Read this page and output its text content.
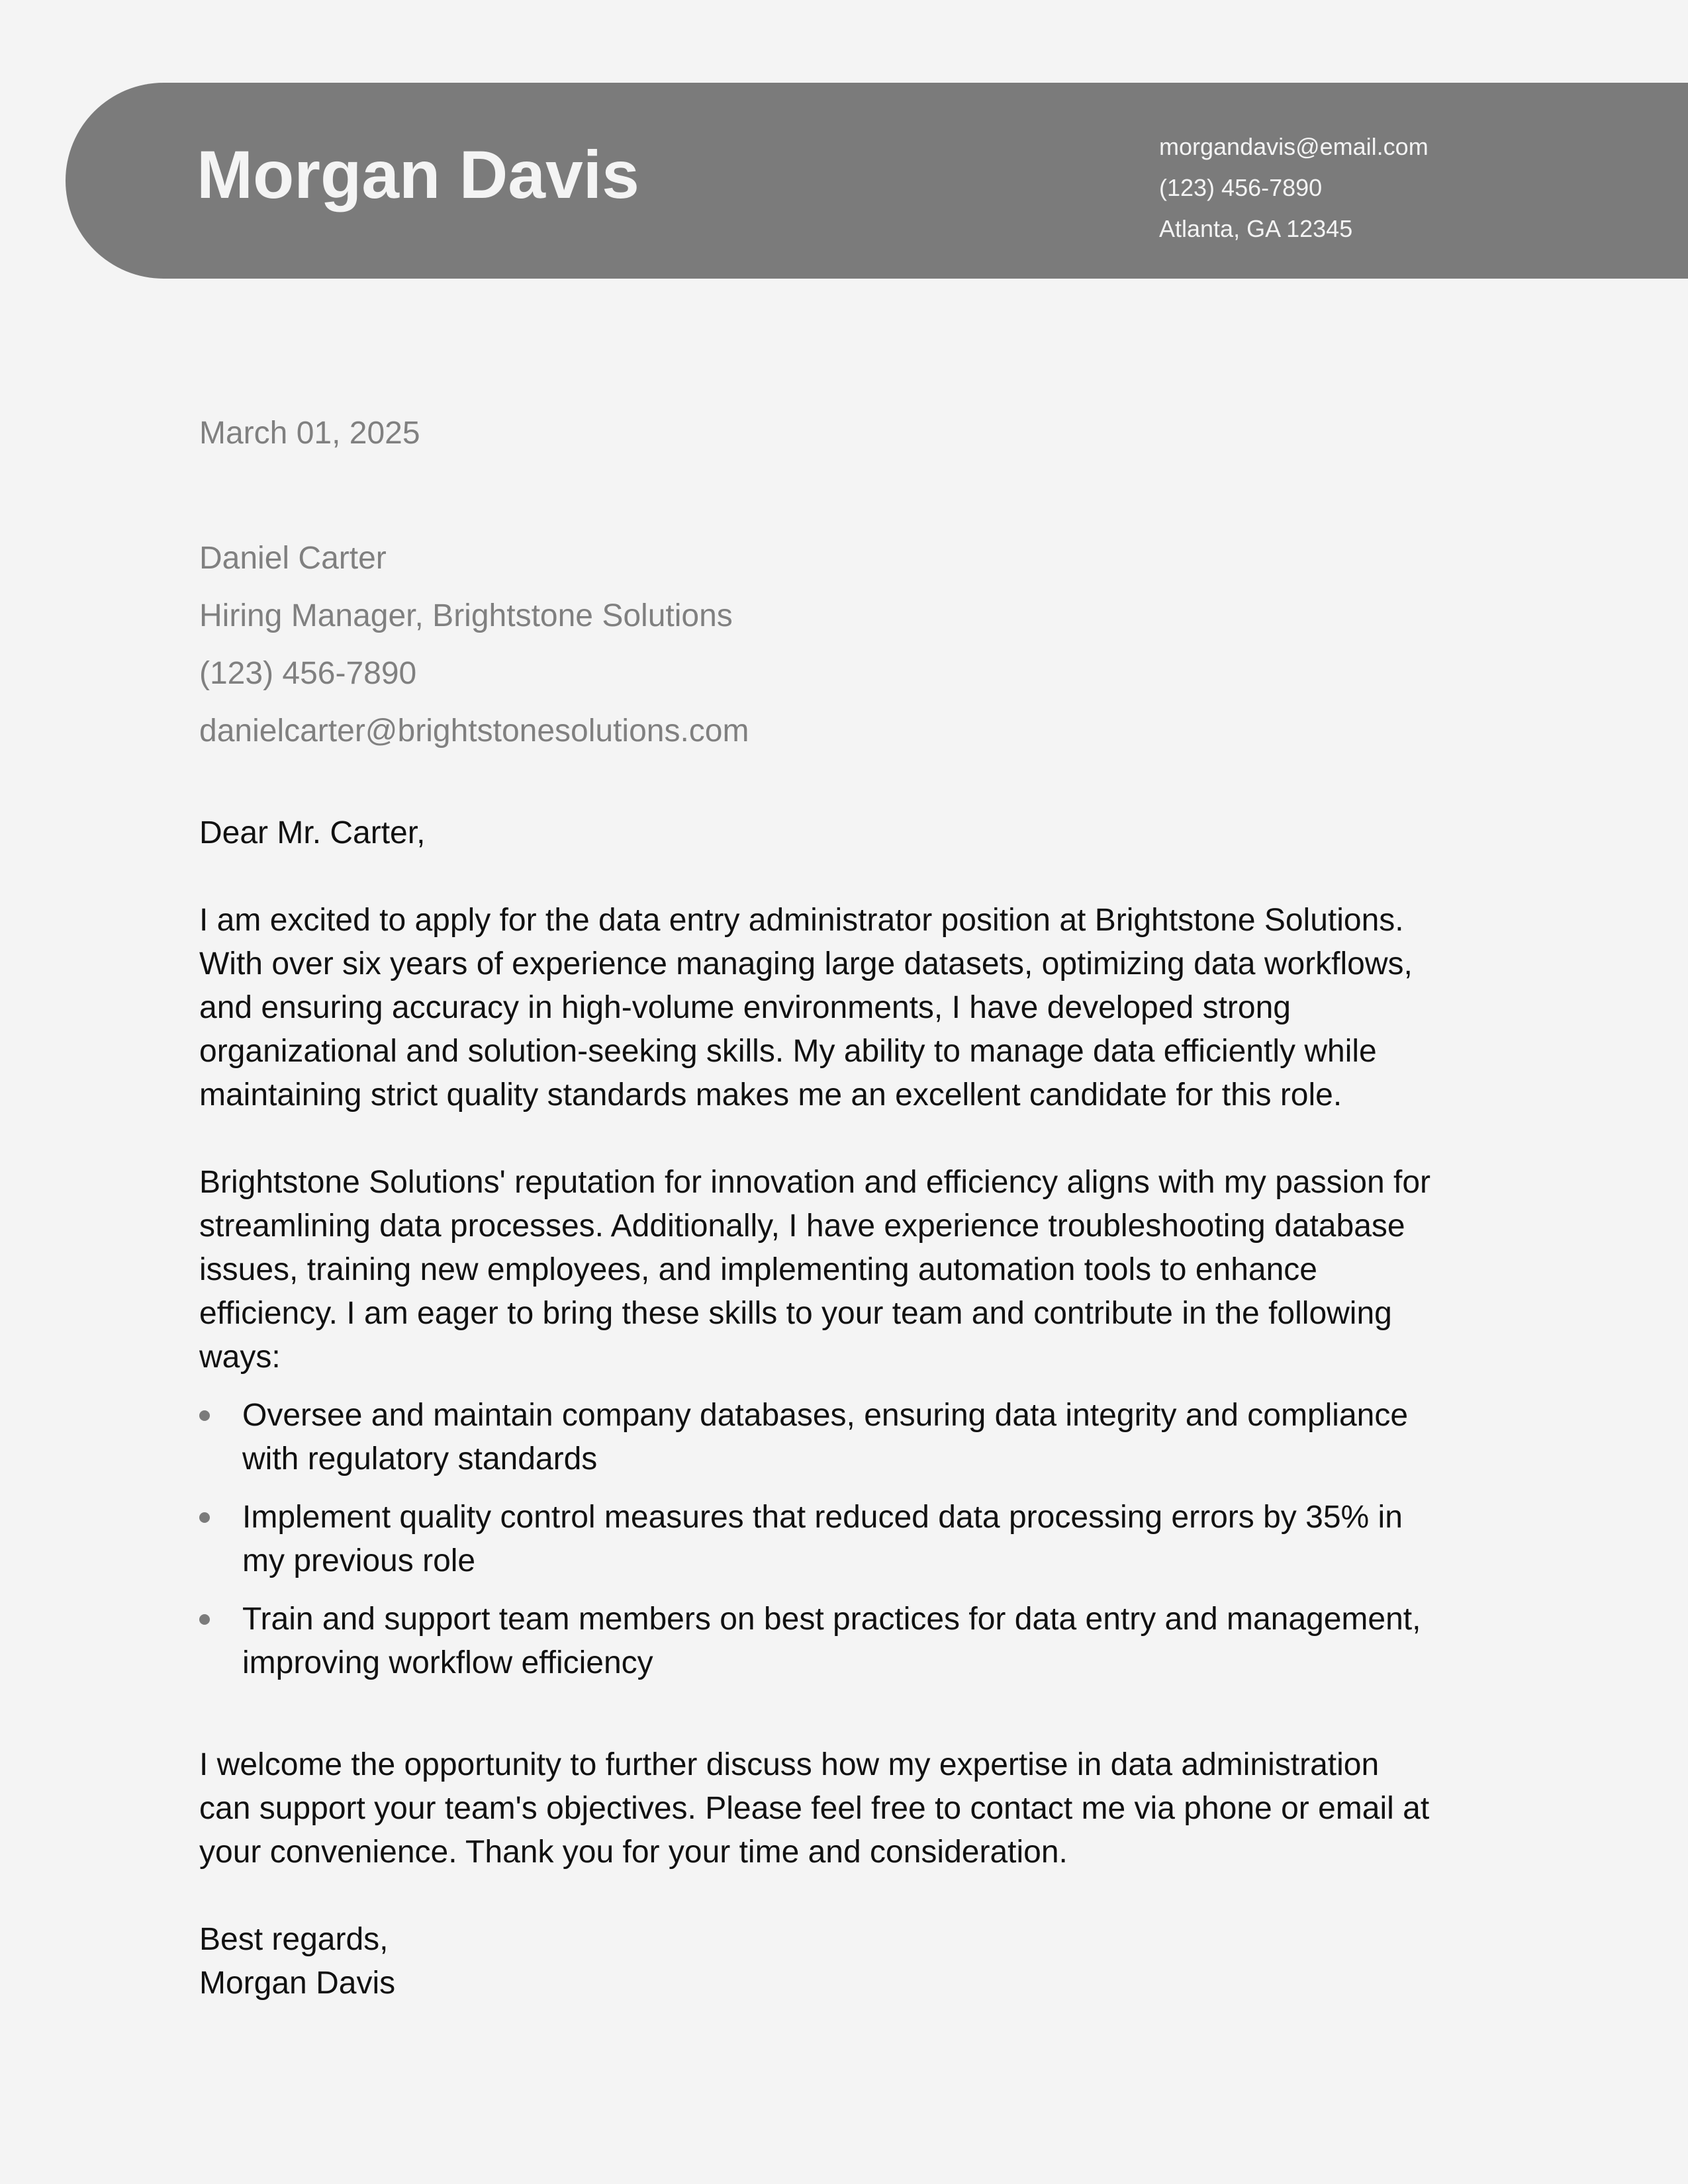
Morgan Davis	morgandavis@email.com
(123) 456-7890
Atlanta, GA 12345
March 01, 2025
Daniel Carter
Hiring Manager, Brightstone Solutions
(123) 456-7890
danielcarter@brightstonesolutions.com

Dear Mr. Carter,

I am excited to apply for the data entry administrator position at Brightstone Solutions.

With over six years of experience managing large datasets, optimizing data workflows,

and ensuring accuracy in high-volume environments, I have developed strong

organizational and solution-seeking skills. My ability to manage data efficiently while

maintaining strict quality standards makes me an excellent candidate for this role.

Brightstone Solutions' reputation for innovation and efficiency aligns with my passion for

streamlining data processes. Additionally, I have experience troubleshooting database

issues, training new employees, and implementing automation tools to enhance

efficiency. I am eager to bring these skills to your team and contribute in the following

ways:

Oversee and maintain company databases, ensuring data integrity and compliance

with regulatory standards

Implement quality control measures that reduced data processing errors by 35% in

my previous role

Train and support team members on best practices for data entry and management,

improving workflow efficiency

I welcome the opportunity to further discuss how my expertise in data administration

can support your team's objectives. Please feel free to contact me via phone or email at

your convenience. Thank you for your time and consideration.

Best regards,

Morgan Davis
